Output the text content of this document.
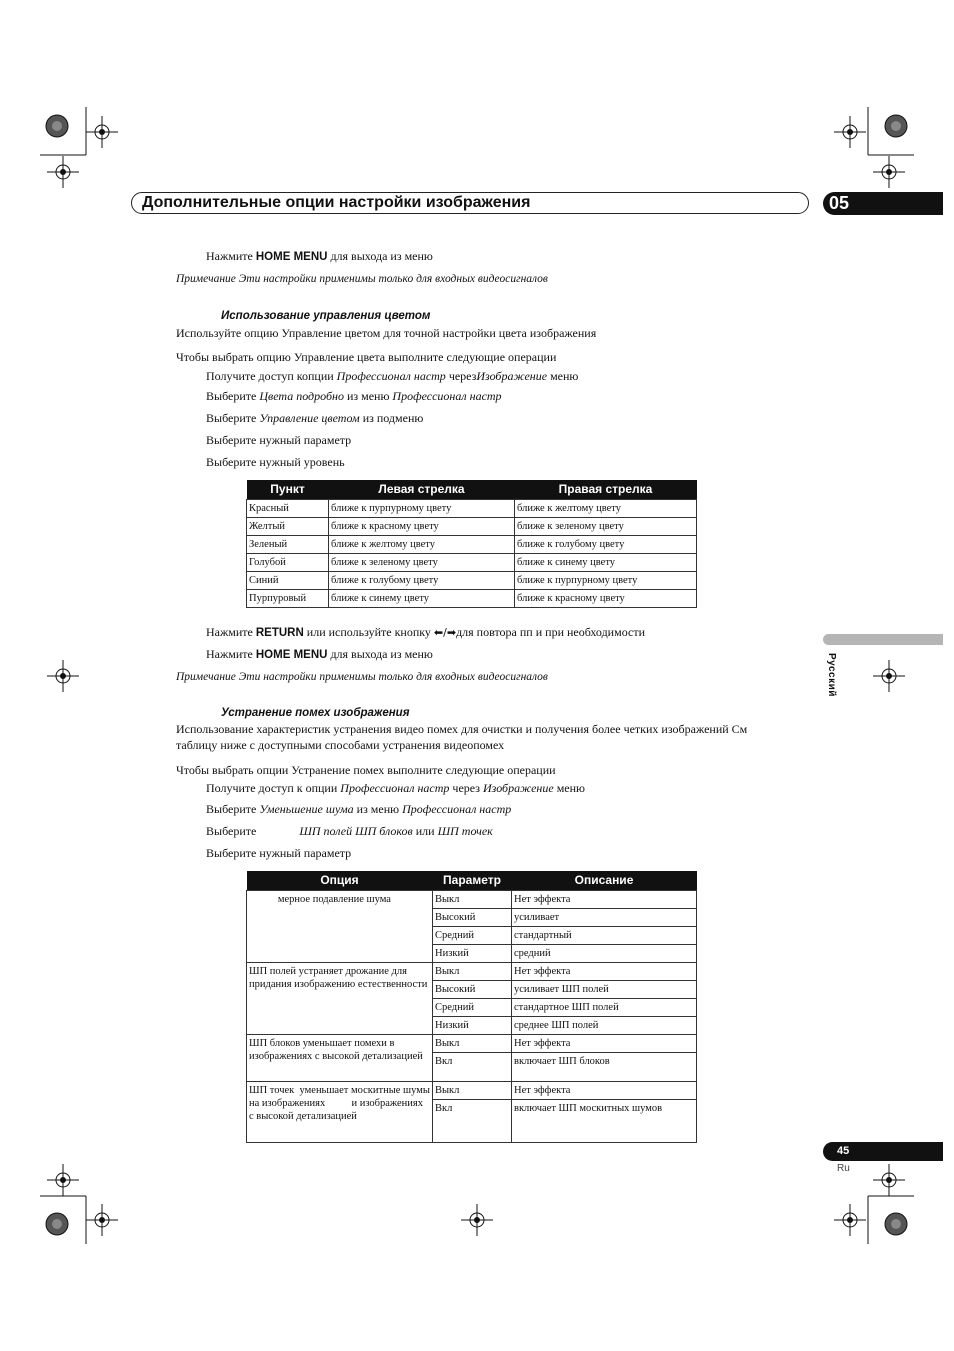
Дополнительные опции настройки изображения	05
Русский
Нажмите HOME MENU для выхода из меню
Примечание Эти настройки применимы только для входных видеосигналов
Использование управления цветом
Используйте опцию Управление цветом для точной настройки цвета изображения
Чтобы выбрать опцию Управление цвета выполните следующие операции
Получите доступ копции Профессионал настр черезИзображение меню
Выберите Цвета подробно из меню Профессионал настр
Выберите Управление цветом из подменю
Выберите нужный параметр
Выберите нужный уровень
Пункт	Левая стрелка	Правая стрелка
Красный	ближе к пурпурному цвету	ближе к желтому цвету
Желтый	ближе к красному цвету	ближе к зеленому цвету
Зеленый	ближе к желтому цвету	ближе к голубому цвету
Голубой	ближе к зеленому цвету	ближе к синему цвету
Синий	ближе к голубому цвету	ближе к пурпурному цвету
Пурпуровый	ближе к синему цвету	ближе к красному цвету
Нажмите RETURN или используйте кнопку ⬅/➡для повтора пп и при необходимости
Нажмите HOME MENU для выхода из меню
Примечание Эти настройки применимы только для входных видеосигналов
Устранение помех изображения
Использование характеристик устранения видео помех для очистки и получения более четких изображений См
таблицу ниже с доступными способами устранения видеопомех
Чтобы выбрать опции Устранение помех выполните следующие операции
Получите доступ к опции Профессионал настр через Изображение меню
Выберите Уменьшение шума из меню Профессионал настр
Выберите	ШП полей ШП блоков или ШП точек
Выберите нужный параметр
Опция	Параметр	Описание
мерное подавление шума	Выкл	Нет эффекта
	Высокий	усиливает
	Средний	стандартный
	Низкий	средний
ШП полей устраняет дрожание для придания изображению естественности	Выкл	Нет эффекта
	Высокий	усиливает ШП полей
	Средний	стандартное ШП полей
	Низкий	среднее ШП полей
ШП блоков уменьшает помехи в изображениях с высокой детализацией	Выкл	Нет эффекта
	Вкл	включает ШП блоков
ШП точек  уменьшает москитные шумы на изображениях          и изображениях с высокой детализацией	Выкл	Нет эффекта
	Вкл	включает ШП москитных шумов
45
Ru
